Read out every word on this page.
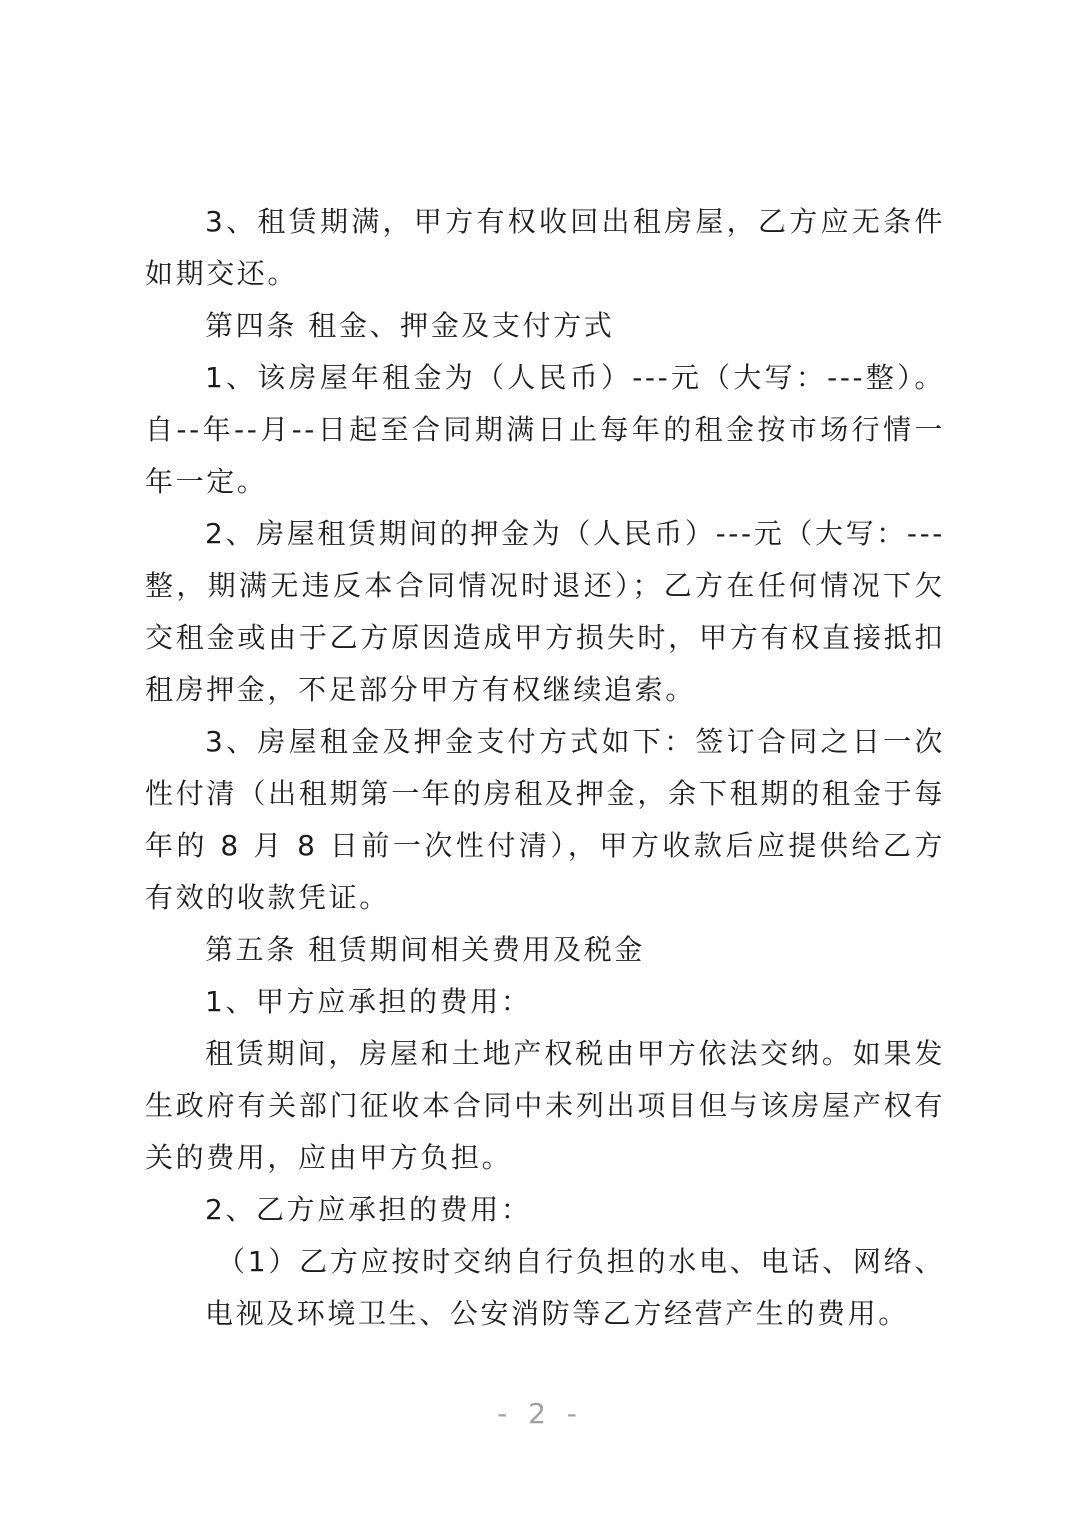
3、租赁期满，甲方有权收回出租房屋，乙方应无条件如期交还。

第四条 租金、押金及支付方式

1、该房屋年租金为（人民币）---元（大写：---整）。自--年--月--日起至合同期满日止每年的租金按市场行情一年一定。

2、房屋租赁期间的押金为（人民币）---元（大写：---整，期满无违反本合同情况时退还）；乙方在任何情况下欠交租金或由于乙方原因造成甲方损失时，甲方有权直接抵扣租房押金，不足部分甲方有权继续追索。

3、房屋租金及押金支付方式如下：签订合同之日一次性付清（出租期第一年的房租及押金，余下租期的租金于每年的 8 月 8 日前一次性付清），甲方收款后应提供给乙方有效的收款凭证。

第五条 租赁期间相关费用及税金

1、甲方应承担的费用：

租赁期间，房屋和土地产权税由甲方依法交纳。如果发生政府有关部门征收本合同中未列出项目但与该房屋产权有关的费用，应由甲方负担。

2、乙方应承担的费用：

（1）乙方应按时交纳自行负担的水电、电话、网络、电视及环境卫生、公安消防等乙方经营产生的费用。

- 2 -
